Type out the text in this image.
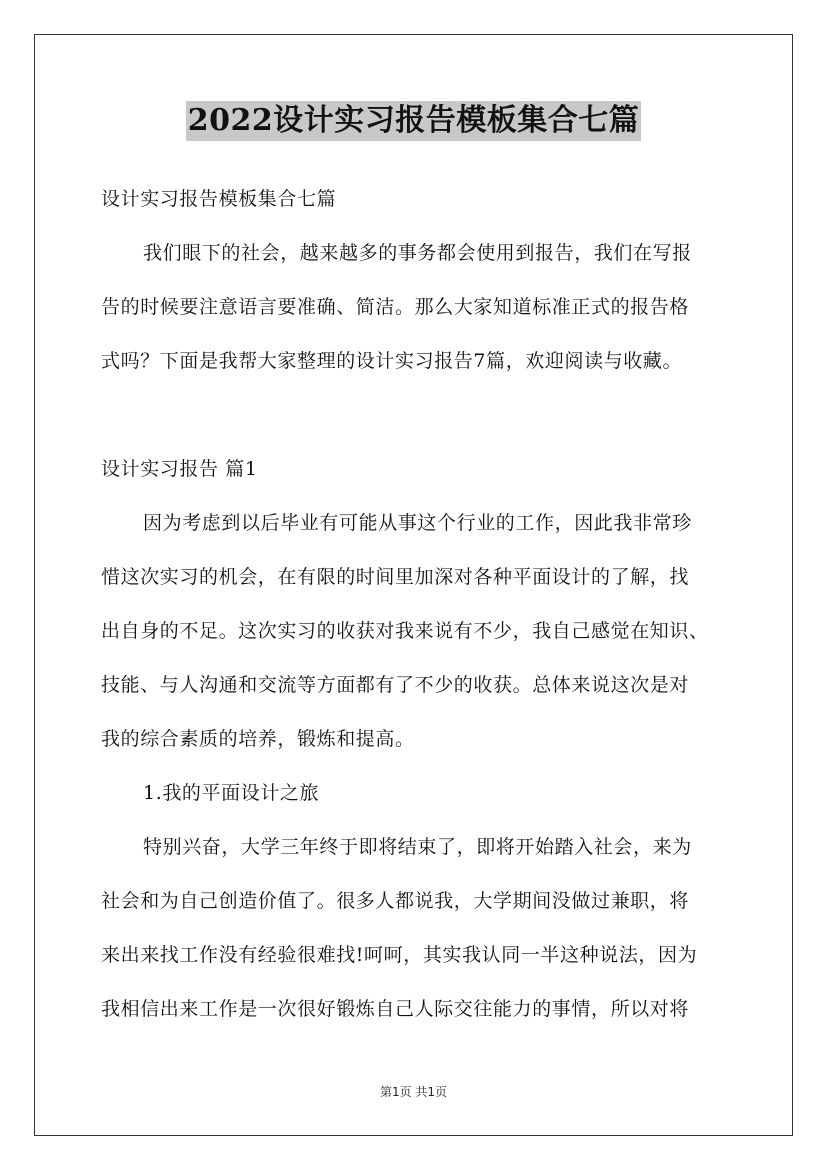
2022设计实习报告模板集合七篇

设计实习报告模板集合七篇

我们眼下的社会，越来越多的事务都会使用到报告，我们在写报

告的时候要注意语言要准确、简洁。那么大家知道标准正式的报告格

式吗？下面是我帮大家整理的设计实习报告7篇，欢迎阅读与收藏。

设计实习报告 篇1

因为考虑到以后毕业有可能从事这个行业的工作，因此我非常珍

惜这次实习的机会，在有限的时间里加深对各种平面设计的了解，找

出自身的不足。这次实习的收获对我来说有不少，我自己感觉在知识、

技能、与人沟通和交流等方面都有了不少的收获。总体来说这次是对

我的综合素质的培养，锻炼和提高。

1.我的平面设计之旅

特别兴奋，大学三年终于即将结束了，即将开始踏入社会，来为

社会和为自己创造价值了。很多人都说我，大学期间没做过兼职，将

来出来找工作没有经验很难找!呵呵，其实我认同一半这种说法，因为

我相信出来工作是一次很好锻炼自己人际交往能力的事情，所以对将

第1页 共1页
